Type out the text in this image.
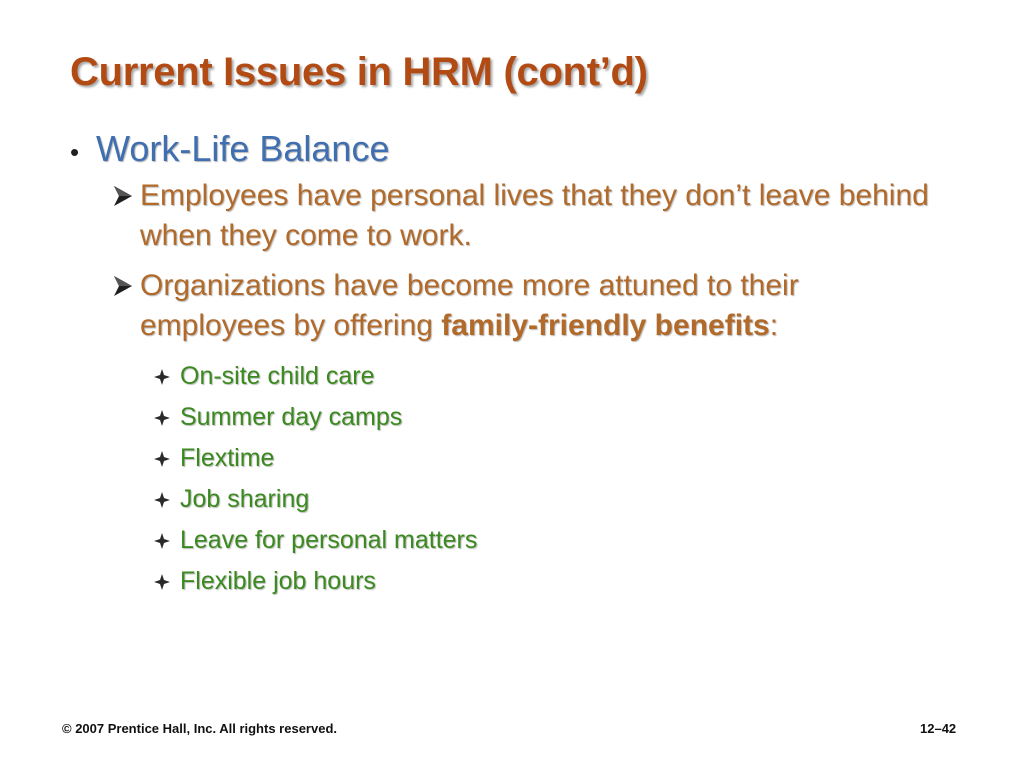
Current Issues in HRM (cont’d)
• Work-Life Balance
Employees have personal lives that they don’t leave behind when they come to work.
Organizations have become more attuned to their employees by offering family-friendly benefits:
On-site child care
Summer day camps
Flextime
Job sharing
Leave for personal matters
Flexible job hours
© 2007 Prentice Hall, Inc. All rights reserved.	12–42
